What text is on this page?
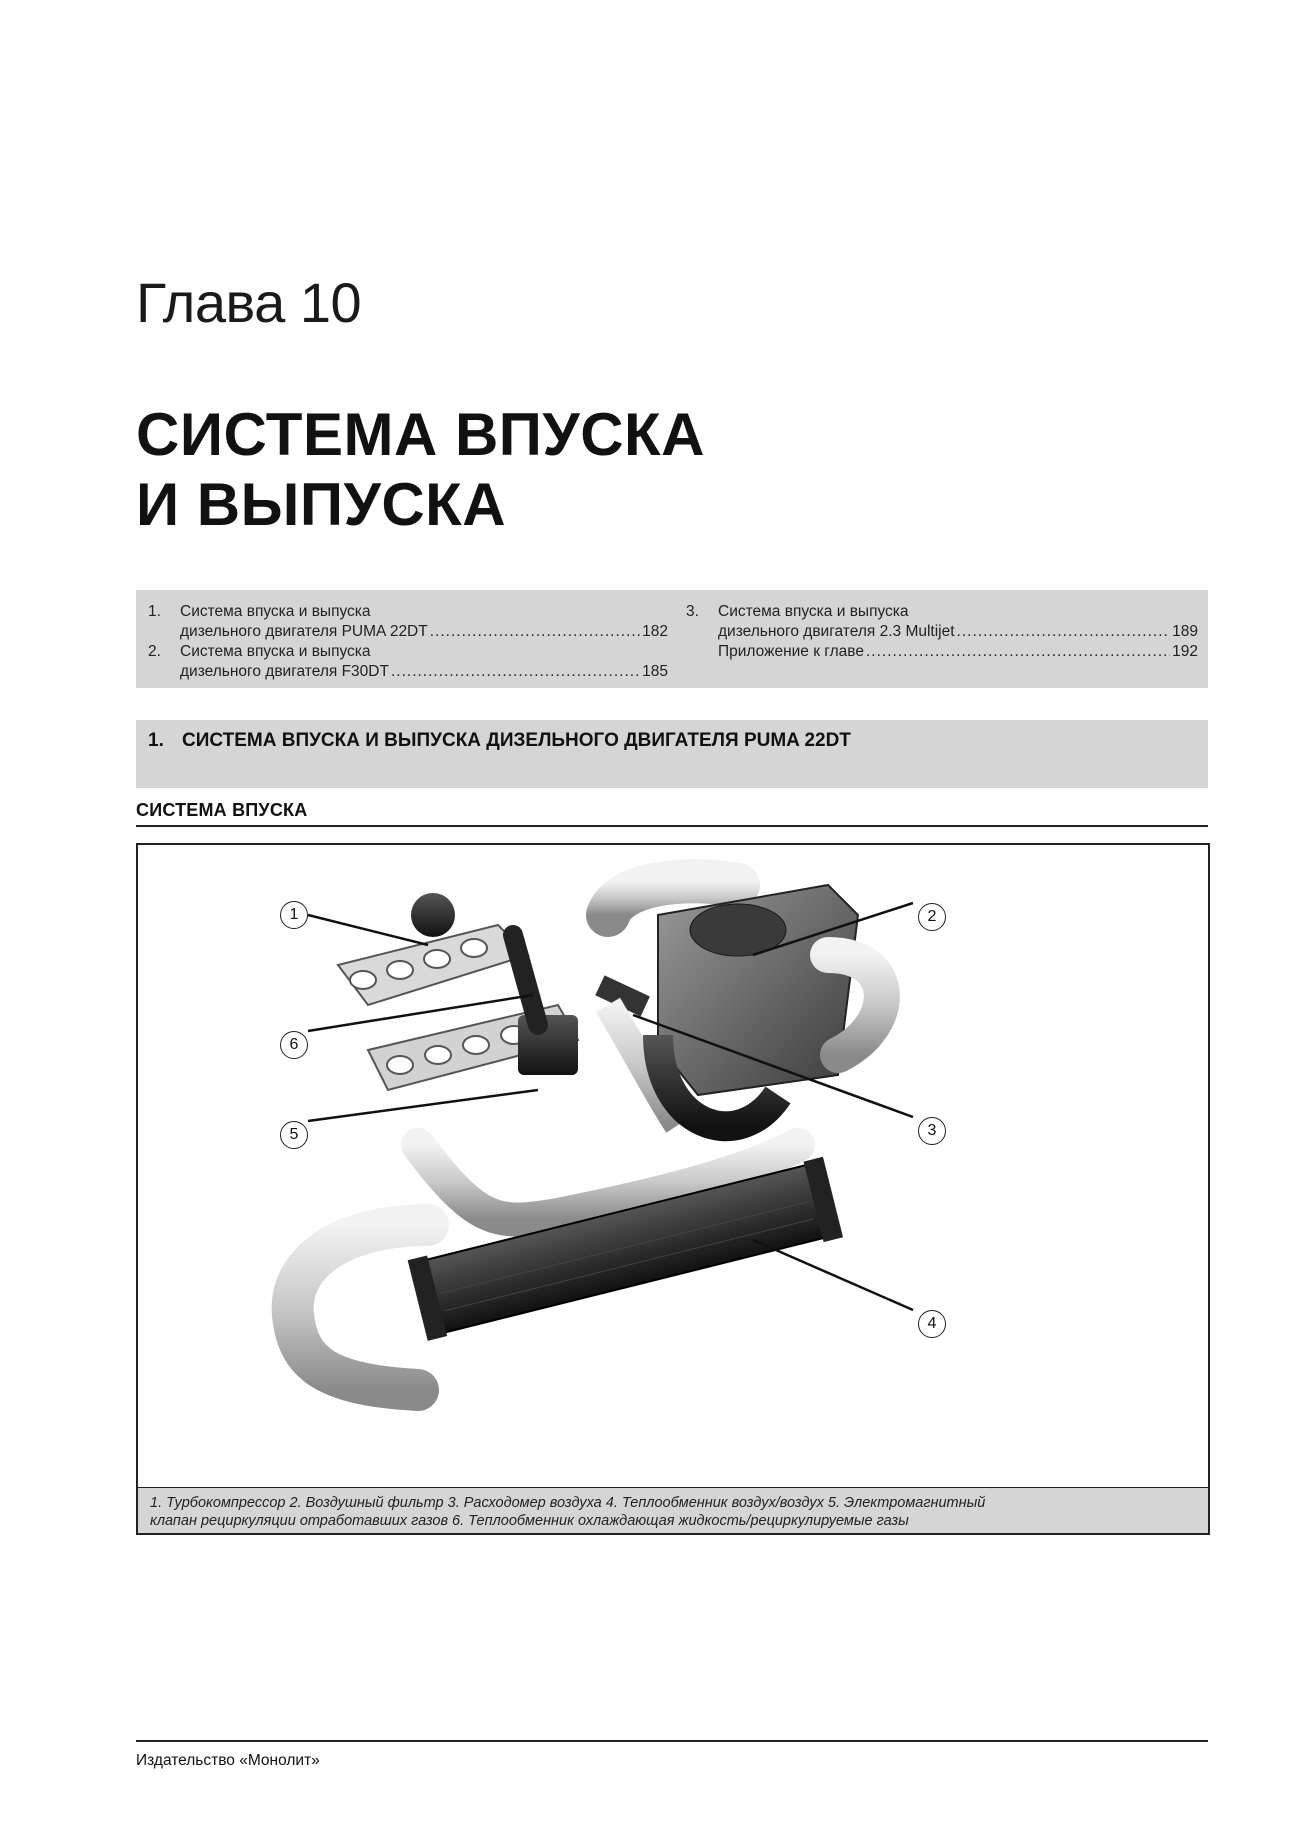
Глава 10
СИСТЕМА ВПУСКА
И ВЫПУСКА
1.	Система впуска и выпуска
дизельного двигателя PUMA 22DT .....	182
2.	Система впуска и выпуска
дизельного двигателя F30DT .....	185
3.	Система впуска и выпуска
дизельного двигателя 2.3 Multijet .....	189
Приложение к главе .....	192
1. СИСТЕМА ВПУСКА И ВЫПУСКА ДИЗЕЛЬНОГО ДВИГАТЕЛЯ PUMA 22DT
СИСТЕМА ВПУСКА
1	2
3
4
5
6
1. Турбокомпрессор 2. Воздушный фильтр 3. Расходомер воздуха 4. Теплообменник воздух/воздух 5. Электромагнитный
клапан рециркуляции отработавших газов 6. Теплообменник охлаждающая жидкость/рециркулируемые газы
Издательство «Монолит»
